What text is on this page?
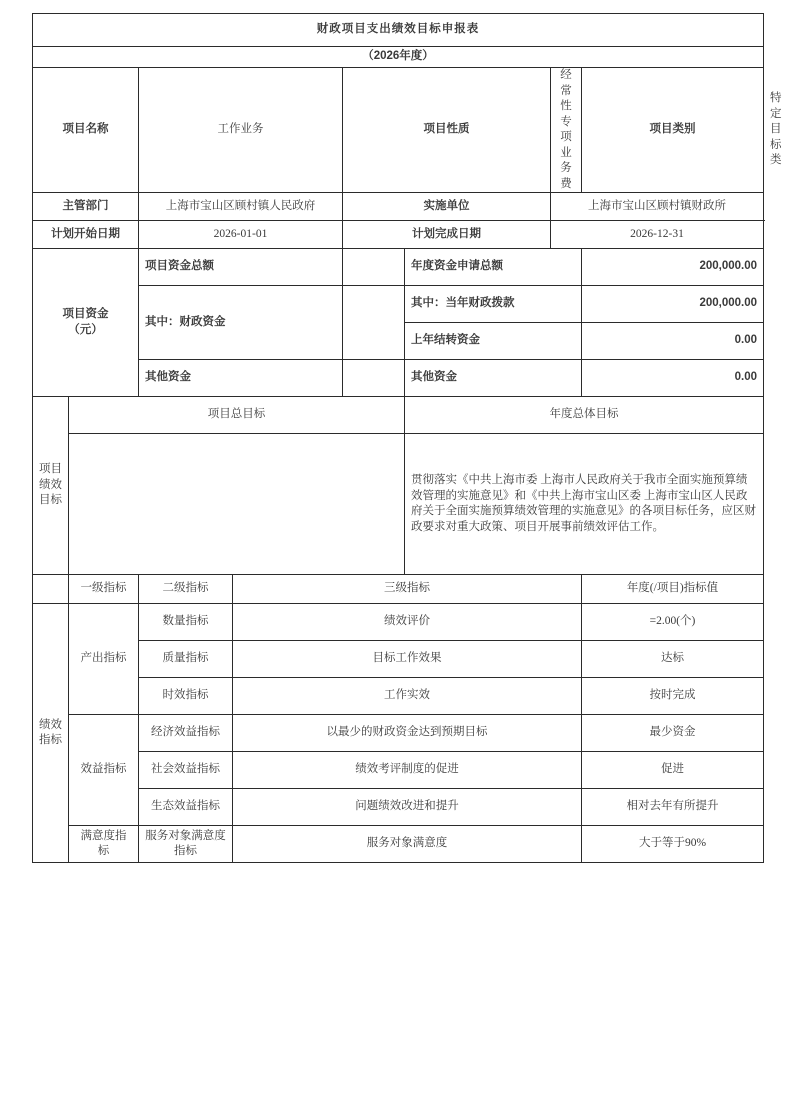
财政项目支出绩效目标申报表								
（2026年度）								
项目名称		工作业务		项目性质		经常性专项业务费	项目类别	特定目标类
主管部门		上海市宝山区顾村镇人民政府		实施单位		上海市宝山区顾村镇财政所		
计划开始日期		2026-01-01		计划完成日期		2026-12-31		

项目资金
（元）		项目资金总额			年度资金申请总额		200,000.00	
		其中：财政资金			其中：当年财政拨款		200,000.00	
					上年结转资金		0.00	
		其他资金			其他资金		0.00	
项目绩效目标	项目总目标				年度总体目标			
					贯彻落实《中共上海市委 上海市人民政府关于我市全面实施预算绩效管理的实施意见》和《中共上海市宝山区委 上海市宝山区人民政府关于全面实施预算绩效管理的实施意见》的各项目标任务，应区财政要求对重大政策、项目开展事前绩效评估工作。			
	一级指标	二级指标	三级指标				年度(/项目)指标值	
绩效指标	产出指标	数量指标	绩效评价				=2.00(个)	
		质量指标	目标工作效果				达标	
		时效指标	工作实效				按时完成	
	效益指标	经济效益指标	以最少的财政资金达到预期目标				最少资金	
		社会效益指标	绩效考评制度的促进				促进	
		生态效益指标	问题绩效改进和提升				相对去年有所提升	
	满意度指标	服务对象满意度指标	服务对象满意度				大于等于90%	
